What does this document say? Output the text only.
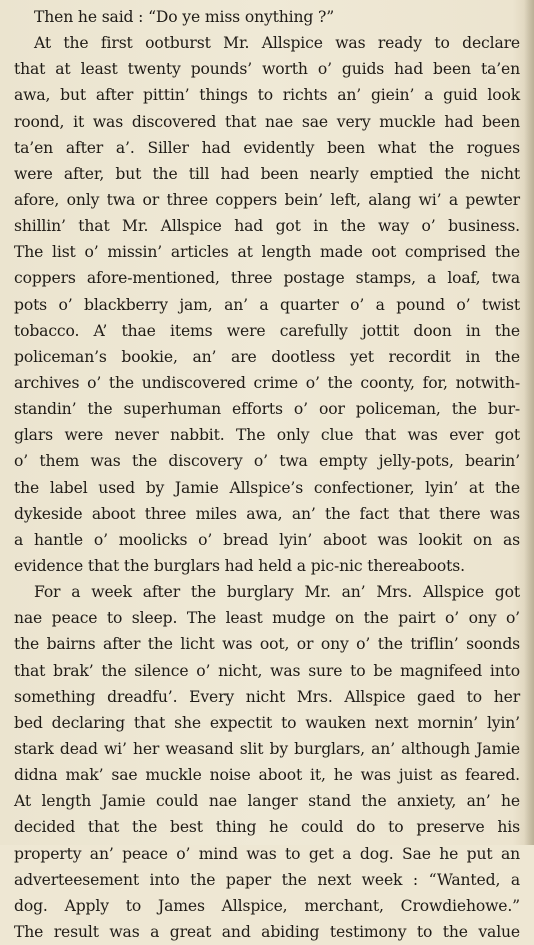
Then he said : “Do ye miss onything ?”
At the first ootburst Mr. Allspice was ready to declare
that at least twenty pounds’ worth o’ guids had been ta’en
awa, but after pittin’ things to richts an’ giein’ a guid look
roond, it was discovered that nae sae very muckle had been
ta’en after a’. Siller had evidently been what the rogues
were after, but the till had been nearly emptied the nicht
afore, only twa or three coppers bein’ left, alang wi’ a pewter
shillin’ that Mr. Allspice had got in the way o’ business.
The list o’ missin’ articles at length made oot comprised the
coppers afore-mentioned, three postage stamps, a loaf, twa
pots o’ blackberry jam, an’ a quarter o’ a pound o’ twist
tobacco. A’ thae items were carefully jottit doon in the
policeman’s bookie, an’ are dootless yet recordit in the
archives o’ the undiscovered crime o’ the coonty, for, notwith-
standin’ the superhuman efforts o’ oor policeman, the bur-
glars were never nabbit. The only clue that was ever got
o’ them was the discovery o’ twa empty jelly-pots, bearin’
the label used by Jamie Allspice’s confectioner, lyin’ at the
dykeside aboot three miles awa, an’ the fact that there was
a hantle o’ moolicks o’ bread lyin’ aboot was lookit on as
evidence that the burglars had held a pic-nic thereaboots.
For a week after the burglary Mr. an’ Mrs. Allspice got
nae peace to sleep. The least mudge on the pairt o’ ony o’
the bairns after the licht was oot, or ony o’ the triflin’ soonds
that brak’ the silence o’ nicht, was sure to be magnifeed into
something dreadfu’. Every nicht Mrs. Allspice gaed to her
bed declaring that she expectit to wauken next mornin’ lyin’
stark dead wi’ her weasand slit by burglars, an’ although Jamie
didna mak’ sae muckle noise aboot it, he was juist as feared.
At length Jamie could nae langer stand the anxiety, an’ he
decided that the best thing he could do to preserve his
property an’ peace o’ mind was to get a dog. Sae he put an
adverteesement into the paper the next week : “Wanted, a
dog. Apply to James Allspice, merchant, Crowdiehowe.”
The result was a great and abiding testimony to the value
